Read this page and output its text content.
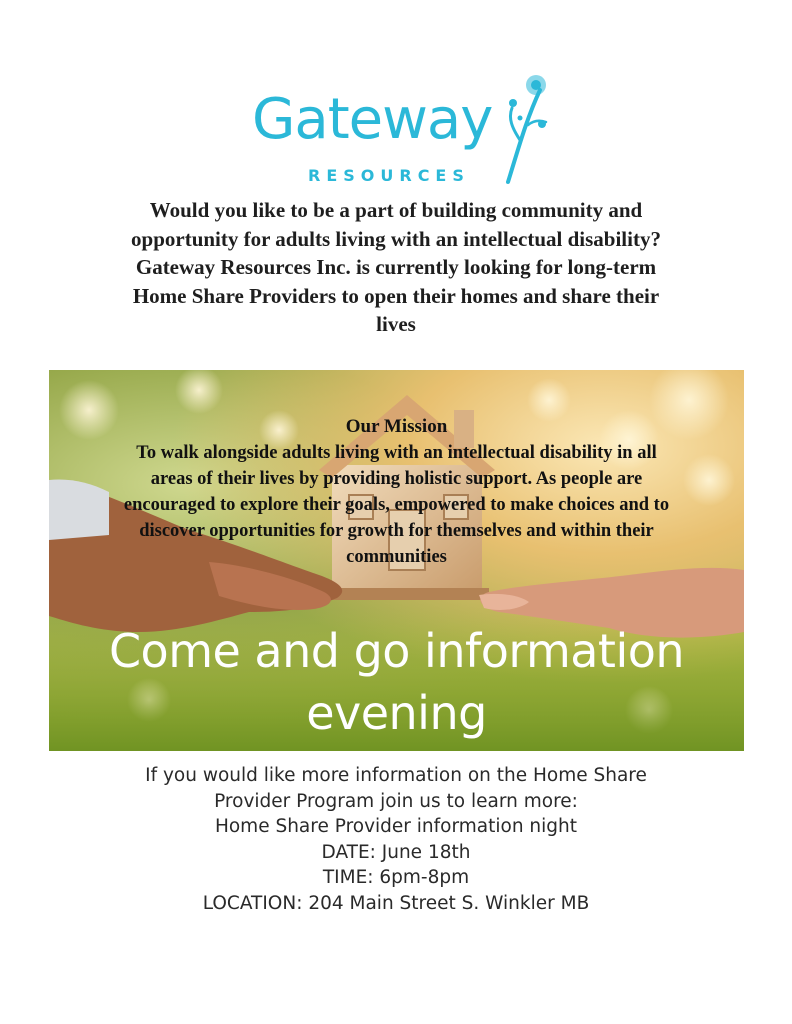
Gateway
RESOURCES
Would you like to be a part of building community and
opportunity for adults living with an intellectual disability?
Gateway Resources Inc. is currently looking for long-term
Home Share Providers to open their homes and share their
lives
Our Mission
To walk alongside adults living with an intellectual disability in all
areas of their lives by providing holistic support. As people are
encouraged to explore their goals, empowered to make choices and to
discover opportunities for growth for themselves and within their
communities
Come and go information
evening
If you would like more information on the Home Share
Provider Program join us to learn more:
Home Share Provider information night
DATE: June 18th
TIME: 6pm-8pm
LOCATION: 204 Main Street S. Winkler MB
